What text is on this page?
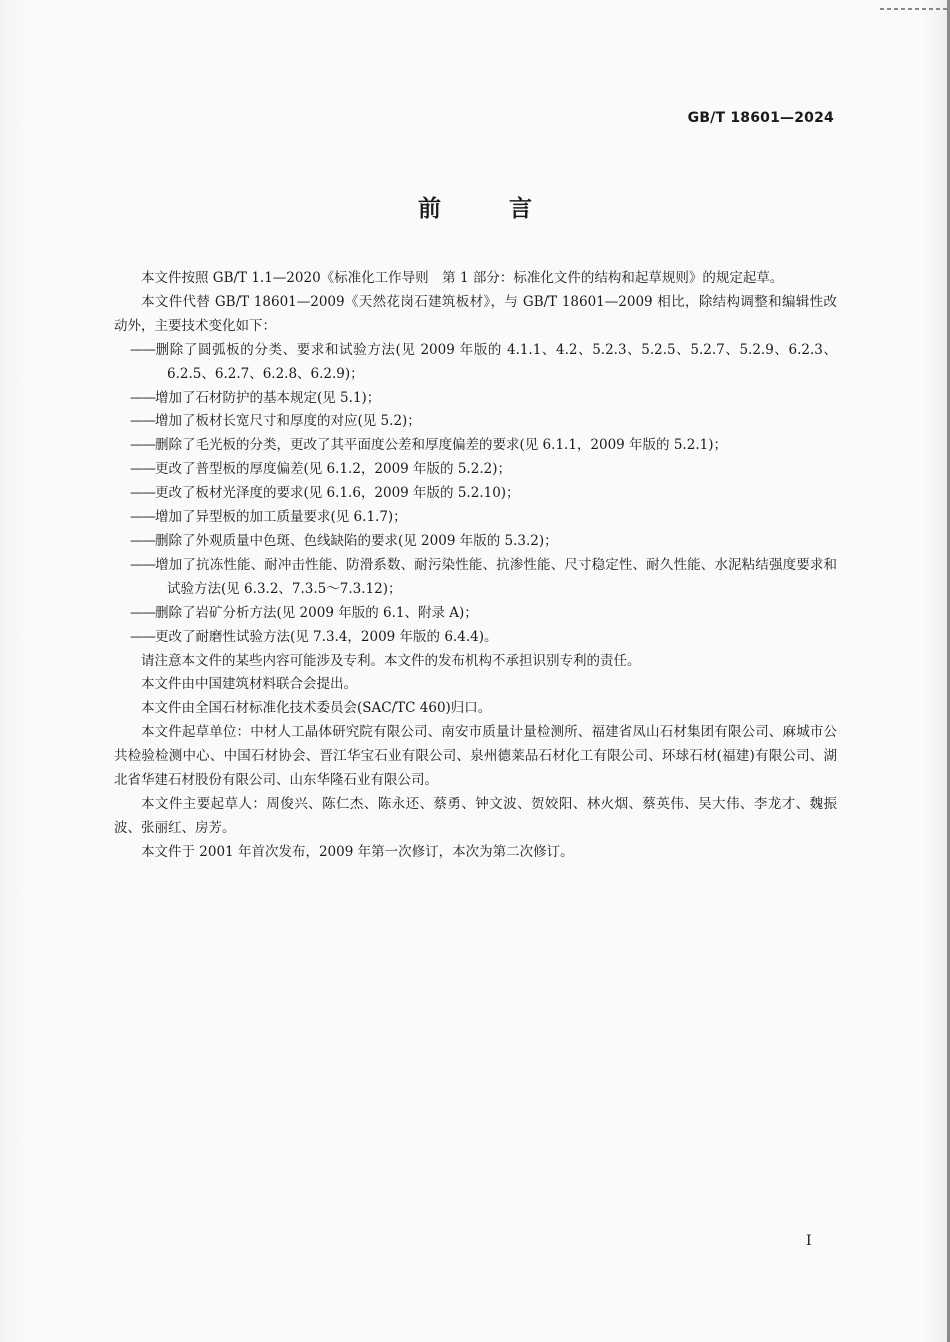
GB/T 18601—2024
前 言

本文件按照 GB/T 1.1—2020《标准化工作导则　第 1 部分：标准化文件的结构和起草规则》的规定起草。

本文件代替 GB/T 18601—2009《天然花岗石建筑板材》，与 GB/T 18601—2009 相比，除结构调整和编辑性改动外，主要技术变化如下：

——删除了圆弧板的分类、要求和试验方法(见 2009 年版的 4.1.1、4.2、5.2.3、5.2.5、5.2.7、5.2.9、6.2.3、6.2.5、6.2.7、6.2.8、6.2.9)；

——增加了石材防护的基本规定(见 5.1)；

——增加了板材长宽尺寸和厚度的对应(见 5.2)；

——删除了毛光板的分类，更改了其平面度公差和厚度偏差的要求(见 6.1.1，2009 年版的 5.2.1)；

——更改了普型板的厚度偏差(见 6.1.2，2009 年版的 5.2.2)；

——更改了板材光泽度的要求(见 6.1.6，2009 年版的 5.2.10)；

——增加了异型板的加工质量要求(见 6.1.7)；

——删除了外观质量中色斑、色线缺陷的要求(见 2009 年版的 5.3.2)；

——增加了抗冻性能、耐冲击性能、防滑系数、耐污染性能、抗渗性能、尺寸稳定性、耐久性能、水泥粘结强度要求和试验方法(见 6.3.2、7.3.5～7.3.12)；

——删除了岩矿分析方法(见 2009 年版的 6.1、附录 A)；

——更改了耐磨性试验方法(见 7.3.4，2009 年版的 6.4.4)。

请注意本文件的某些内容可能涉及专利。本文件的发布机构不承担识别专利的责任。

本文件由中国建筑材料联合会提出。

本文件由全国石材标准化技术委员会(SAC/TC 460)归口。

本文件起草单位：中材人工晶体研究院有限公司、南安市质量计量检测所、福建省凤山石材集团有限公司、麻城市公共检验检测中心、中国石材协会、晋江华宝石业有限公司、泉州德莱品石材化工有限公司、环球石材(福建)有限公司、湖北省华建石材股份有限公司、山东华隆石业有限公司。

本文件主要起草人：周俊兴、陈仁杰、陈永还、蔡勇、钟文波、贺姣阳、林火烟、蔡英伟、吴大伟、李龙才、魏振波、张丽红、房芳。

本文件于 2001 年首次发布，2009 年第一次修订，本次为第二次修订。

I
